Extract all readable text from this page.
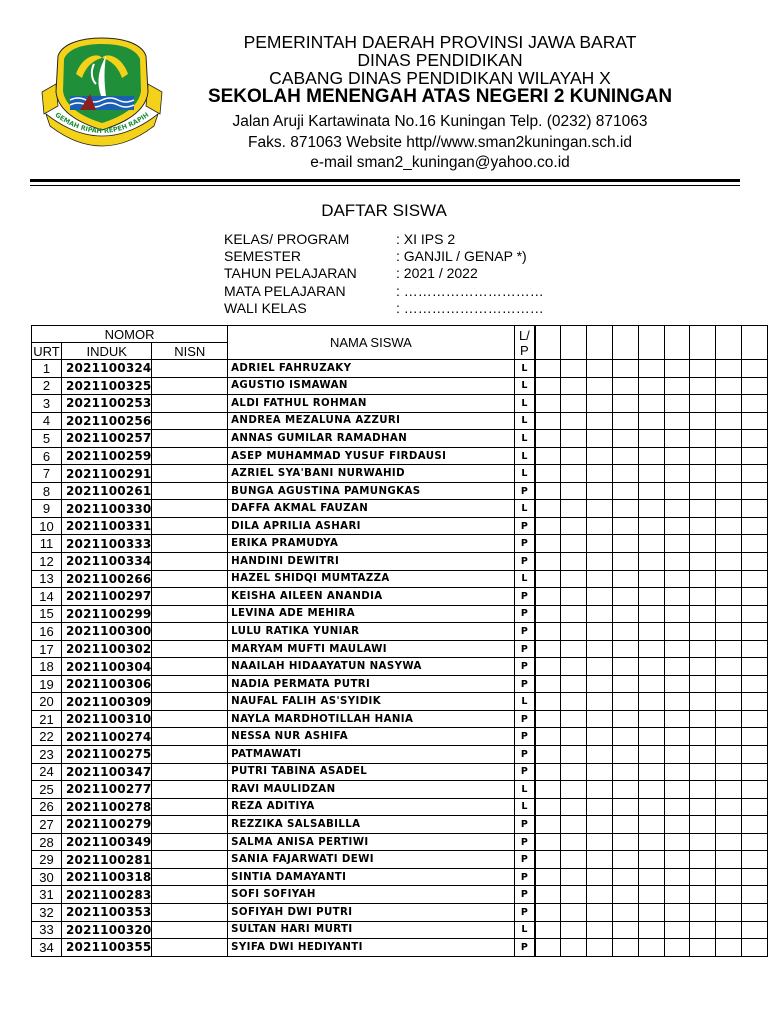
GEMAH RIPAH REPEH RAPIH
PEMERINTAH DAERAH PROVINSI JAWA BARAT
DINAS PENDIDIKAN
CABANG DINAS PENDIDIKAN WILAYAH X
SEKOLAH MENENGAH ATAS NEGERI 2 KUNINGAN
Jalan Aruji Kartawinata No.16 Kuningan Telp. (0232) 871063
Faks. 871063 Website http//www.sman2kuningan.sch.id
e-mail sman2_kuningan@yahoo.co.id
DAFTAR SISWA
KELAS/ PROGRAM	: XI IPS 2
SEMESTER	: GANJIL / GENAP *)
TAHUN PELAJARAN	: 2021 / 2022
MATA PELAJARAN	: …………………………
WALI KELAS	: …………………………
NOMOR			NAMA SISWA	L/
P									
URT	INDUK	NISN											
1	2021100324		ADRIEL FAHRUZAKY	L									
2	2021100325		AGUSTIO ISMAWAN	L									
3	2021100253		ALDI FATHUL ROHMAN	L									
4	2021100256		ANDREA MEZALUNA AZZURI	L									
5	2021100257		ANNAS GUMILAR RAMADHAN	L									
6	2021100259		ASEP MUHAMMAD YUSUF FIRDAUSI	L									
7	2021100291		AZRIEL SYA'BANI NURWAHID	L									
8	2021100261		BUNGA AGUSTINA PAMUNGKAS	P									
9	2021100330		DAFFA AKMAL FAUZAN	L									
10	2021100331		DILA APRILIA ASHARI	P									
11	2021100333		ERIKA PRAMUDYA	P									
12	2021100334		HANDINI DEWITRI	P									
13	2021100266		HAZEL SHIDQI MUMTAZZA	L									
14	2021100297		KEISHA AILEEN ANANDIA	P									
15	2021100299		LEVINA ADE MEHIRA	P									
16	2021100300		LULU RATIKA YUNIAR	P									
17	2021100302		MARYAM MUFTI MAULAWI	P									
18	2021100304		NAAILAH HIDAAYATUN NASYWA	P									
19	2021100306		NADIA PERMATA PUTRI	P									
20	2021100309		NAUFAL FALIH AS'SYIDIK	L									
21	2021100310		NAYLA MARDHOTILLAH HANIA	P									
22	2021100274		NESSA NUR ASHIFA	P									
23	2021100275		PATMAWATI	P									
24	2021100347		PUTRI TABINA ASADEL	P									
25	2021100277		RAVI MAULIDZAN	L									
26	2021100278		REZA ADITIYA	L									
27	2021100279		REZZIKA SALSABILLA	P									
28	2021100349		SALMA ANISA PERTIWI	P									
29	2021100281		SANIA FAJARWATI DEWI	P									
30	2021100318		SINTIA DAMAYANTI	P									
31	2021100283		SOFI SOFIYAH	P									
32	2021100353		SOFIYAH DWI PUTRI	P									
33	2021100320		SULTAN HARI MURTI	L									
34	2021100355		SYIFA DWI HEDIYANTI	P									
